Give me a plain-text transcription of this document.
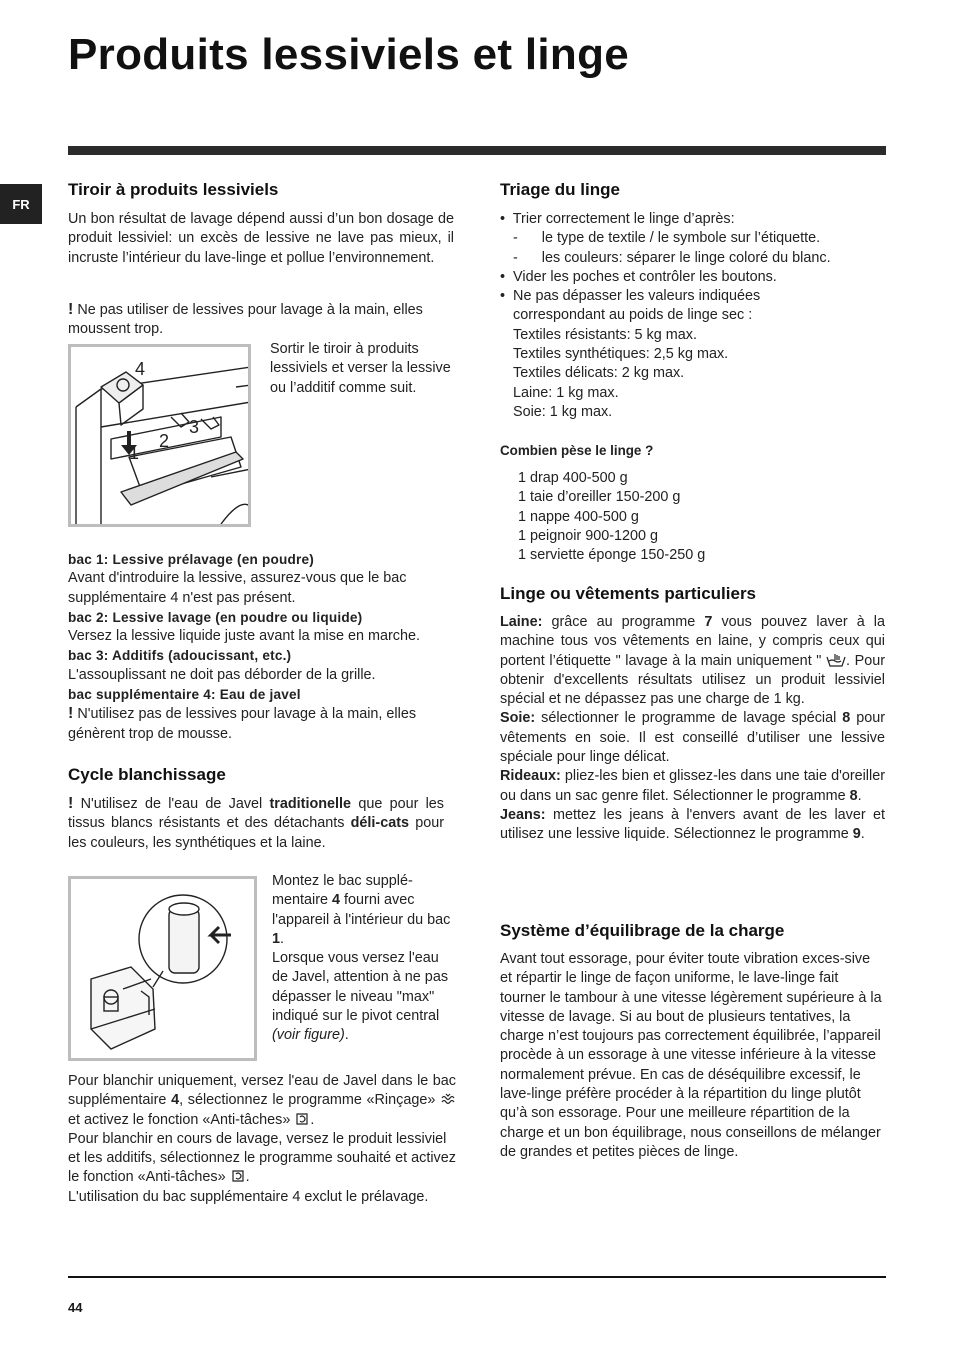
Produits lessiviels et linge
FR
Tiroir à produits lessiviels

Un bon résultat de lavage dépend aussi d’un bon dosage de produit lessiviel: un excès de lessive ne lave pas mieux, il incruste l’intérieur du lave-linge et pollue l’environnement.

! Ne pas utiliser de lessives pour lavage à la main, elles moussent trop.

4
1
2
3

Sortir le tiroir à produits lessiviels et verser la lessive ou l’additif comme suit.

bac 1: Lessive prélavage (en poudre)
Avant d'introduire la lessive, assurez-vous que le bac supplémentaire 4 n'est pas présent.
bac 2: Lessive lavage (en poudre ou liquide)
Versez la lessive liquide juste avant la mise en marche.
bac 3: Additifs (adoucissant, etc.)
L'assouplissant ne doit pas déborder de la grille.
bac supplémentaire 4: Eau de javel
! N'utilisez pas de lessives pour lavage à la main, elles génèrent trop de mousse.
Cycle blanchissage

! N'utilisez de l'eau de Javel traditionelle que pour les tissus blancs résistants et des détachants déli-cats pour les couleurs, les synthétiques et la laine.

Montez le bac supplé-mentaire 4 fourni avec l'appareil à l'intérieur du bac 1.
Lorsque vous versez l'eau de Javel, attention à ne pas dépasser le niveau "max" indiqué sur le pivot central (voir figure).

Pour blanchir uniquement, versez l'eau de Javel dans le bac supplémentaire 4, sélectionnez le programme «Rinçage»  et activez le fonction «Anti-tâches» .

Pour blanchir en cours de lavage, versez le produit lessiviel et les additifs, sélectionnez le programme souhaité et activez le fonction «Anti-tâches» .

L'utilisation du bac supplémentaire 4 exclut le prélavage.

Triage du linge
•  Trier correctement le linge d’après:
-      le type de textile / le symbole sur l’étiquette.
-      les couleurs: séparer le linge coloré du blanc.
•  Vider les poches et contrôler les boutons.
•  Ne pas dépasser les valeurs indiquées correspondant au poids de linge sec :
Textiles résistants: 5 kg max.
Textiles synthétiques: 2,5 kg max.
Textiles délicats: 2 kg max.
Laine: 1 kg max.
Soie: 1 kg max.
Combien pèse le linge ?
1 drap 400-500 g
1 taie d’oreiller 150-200 g
1 nappe 400-500 g
1 peignoir 900-1200 g
1 serviette éponge 150-250 g
Linge ou vêtements particuliers

Laine: grâce au programme 7 vous pouvez laver à la machine tous vos vêtements en laine, y compris ceux qui portent l’étiquette " lavage à la main uniquement " . Pour obtenir d'excellents résultats utilisez un produit lessiviel spécial et ne dépassez pas une charge de 1 kg.

Soie: sélectionner le programme de lavage spécial 8 pour vêtements en soie. Il est conseillé d’utiliser une lessive spéciale pour linge délicat.

Rideaux: pliez-les bien et glissez-les dans une taie d'oreiller ou dans un sac genre filet. Sélectionner le programme 8.

Jeans: mettez les jeans à l'envers avant de les laver et utilisez une lessive liquide. Sélectionnez le programme 9.

Système d’équilibrage de la charge

Avant tout essorage, pour éviter toute vibration exces-sive et répartir le linge de façon uniforme, le lave-linge fait tourner le tambour à une vitesse légèrement supérieure à la vitesse de lavage. Si au bout de plusieurs tentatives, la charge n’est toujours pas correctement équilibrée, l’appareil procède à un essorage à une vitesse inférieure à la vitesse normalement prévue. En cas de déséquilibre excessif, le lave-linge préfère procéder à la répartition du linge plutôt qu’à son essorage. Pour une meilleure répartition de la charge et un bon équilibrage, nous conseillons de mélanger de grandes et petites pièces de linge.

44
